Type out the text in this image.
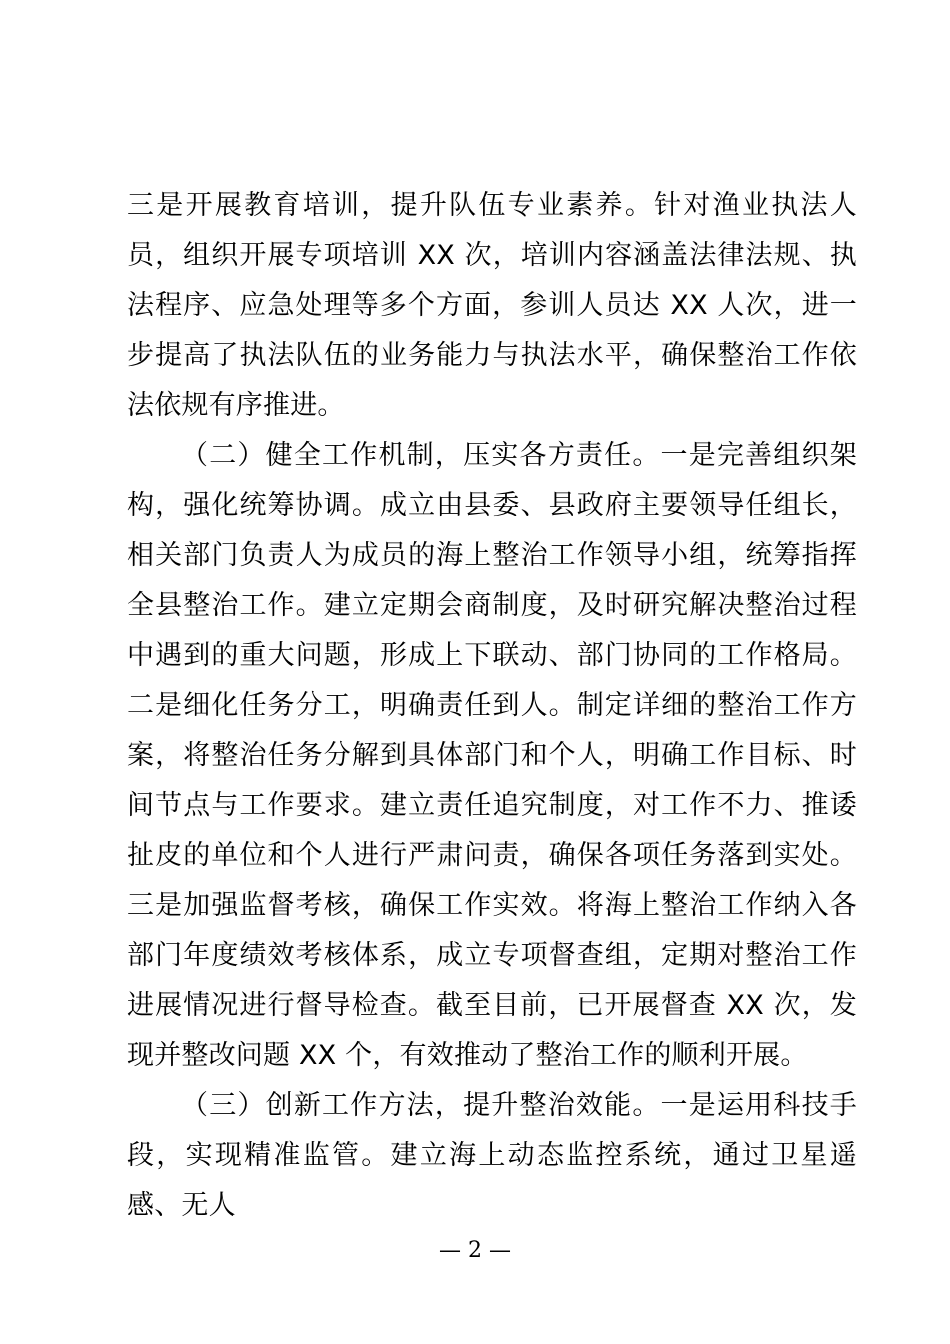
三是开展教育培训，提升队伍专业素养。针对渔业执法人员，组织开展专项培训 XX 次，培训内容涵盖法律法规、执法程序、应急处理等多个方面，参训人员达 XX 人次，进一步提高了执法队伍的业务能力与执法水平，确保整治工作依法依规有序推进。

（二）健全工作机制，压实各方责任。一是完善组织架构，强化统筹协调。成立由县委、县政府主要领导任组长，相关部门负责人为成员的海上整治工作领导小组，统筹指挥全县整治工作。建立定期会商制度，及时研究解决整治过程中遇到的重大问题，形成上下联动、部门协同的工作格局。二是细化任务分工，明确责任到人。制定详细的整治工作方案，将整治任务分解到具体部门和个人，明确工作目标、时间节点与工作要求。建立责任追究制度，对工作不力、推诿扯皮的单位和个人进行严肃问责，确保各项任务落到实处。三是加强监督考核，确保工作实效。将海上整治工作纳入各部门年度绩效考核体系，成立专项督查组，定期对整治工作进展情况进行督导检查。截至目前，已开展督查 XX 次，发现并整改问题 XX 个，有效推动了整治工作的顺利开展。

（三）创新工作方法，提升整治效能。一是运用科技手段，实现精准监管。建立海上动态监控系统，通过卫星遥感、无人

— 2 —
